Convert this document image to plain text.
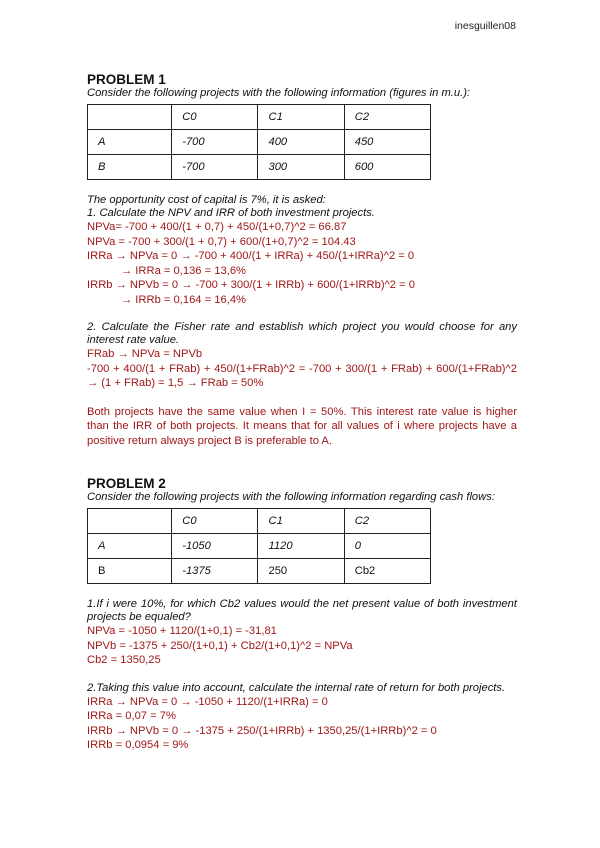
inesguillen08

PROBLEM 1

Consider the following projects with the following information (figures in m.u.):

	C0	C1	C2
A	-700	400	450
B	-700	300	600

The opportunity cost of capital is 7%, it is asked:

1. Calculate the NPV and IRR of both investment projects.

NPVa= -700 + 400/(1 + 0,7) + 450/(1+0,7)^2 = 66.87

NPVa = -700 + 300/(1 + 0,7) + 600/(1+0,7)^2 = 104.43

IRRa → NPVa = 0 → -700 + 400/(1 + IRRa) + 450/(1+IRRa)^2 = 0

→ IRRa = 0,136 = 13,6%

IRRb → NPVb = 0 → -700 + 300/(1 + IRRb) + 600/(1+IRRb)^2 = 0

→ IRRb = 0,164 = 16,4%

2. Calculate the Fisher rate and establish which project you would choose for any interest rate value.

FRab → NPVa = NPVb

-700 + 400/(1 + FRab) + 450/(1+FRab)^2 = -700 + 300/(1 + FRab) + 600/(1+FRab)^2 → (1 + FRab) = 1,5 → FRab = 50%

Both projects have the same value when I = 50%. This interest rate value is higher than the IRR of both projects. It means that for all values of i where projects have a positive return always project B is preferable to A.

PROBLEM 2

Consider the following projects with the following information regarding cash flows:

	C0	C1	C2
A	-1050	1120	0
B	-1375	250	Cb2

1.If i were 10%, for which Cb2 values would the net present value of both investment projects be equaled?

NPVa = -1050 + 1120/(1+0,1) = -31,81

NPVb = -1375 + 250/(1+0,1) + Cb2/(1+0,1)^2 = NPVa

Cb2 = 1350,25

2.Taking this value into account, calculate the internal rate of return for both projects.

IRRa → NPVa = 0 → -1050 + 1120/(1+IRRa) = 0

IRRa = 0,07 = 7%

IRRb → NPVb = 0 → -1375 + 250/(1+IRRb) + 1350,25/(1+IRRb)^2 = 0

IRRb = 0,0954 = 9%
